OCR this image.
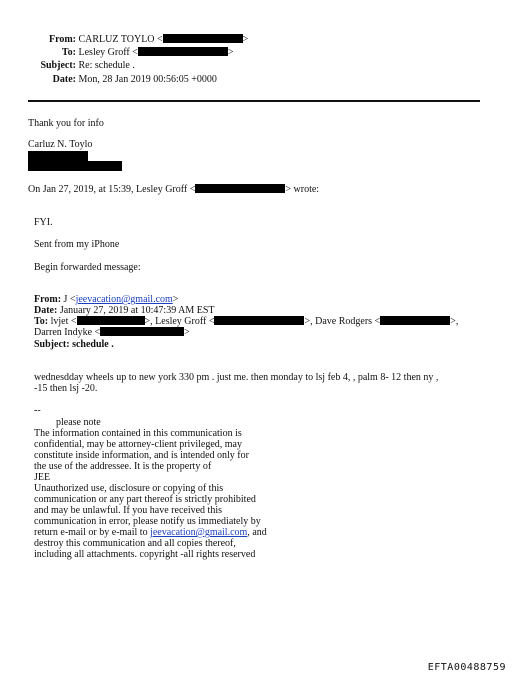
From: CARLUZ TOYLO <	>
To: Lesley Groff <	>
Subject: Re: schedule .
Date: Mon, 28 Jan 2019 00:56:05 +0000
Thank you for info
Carluz N. Toylo
On Jan 27, 2019, at 15:39, Lesley Groff <	> wrote:
FYI.
Sent from my iPhone
Begin forwarded message:
From: J <jeevacation@gmail.com>
Date: January 27, 2019 at 10:47:39 AM EST
To: lvjet <	>, Lesley Groff <	>, Dave Rodgers <	>,
Darren Indyke <	>
Subject: schedule .
wednesdday wheels up to new york 330 pm . just me. then monday to lsj feb 4, , palm 8- 12 then ny ,
-15 then lsj -20.
--
please note
The information contained in this communication is
confidential, may be attorney-client privileged, may
constitute inside information, and is intended only for
the use of the addressee. It is the property of
JEE
Unauthorized use, disclosure or copying of this
communication or any part thereof is strictly prohibited
and may be unlawful. If you have received this
communication in error, please notify us immediately by
return e-mail or by e-mail to jeevacation@gmail.com, and
destroy this communication and all copies thereof,
including all attachments. copyright -all rights reserved
EFTA00488759
